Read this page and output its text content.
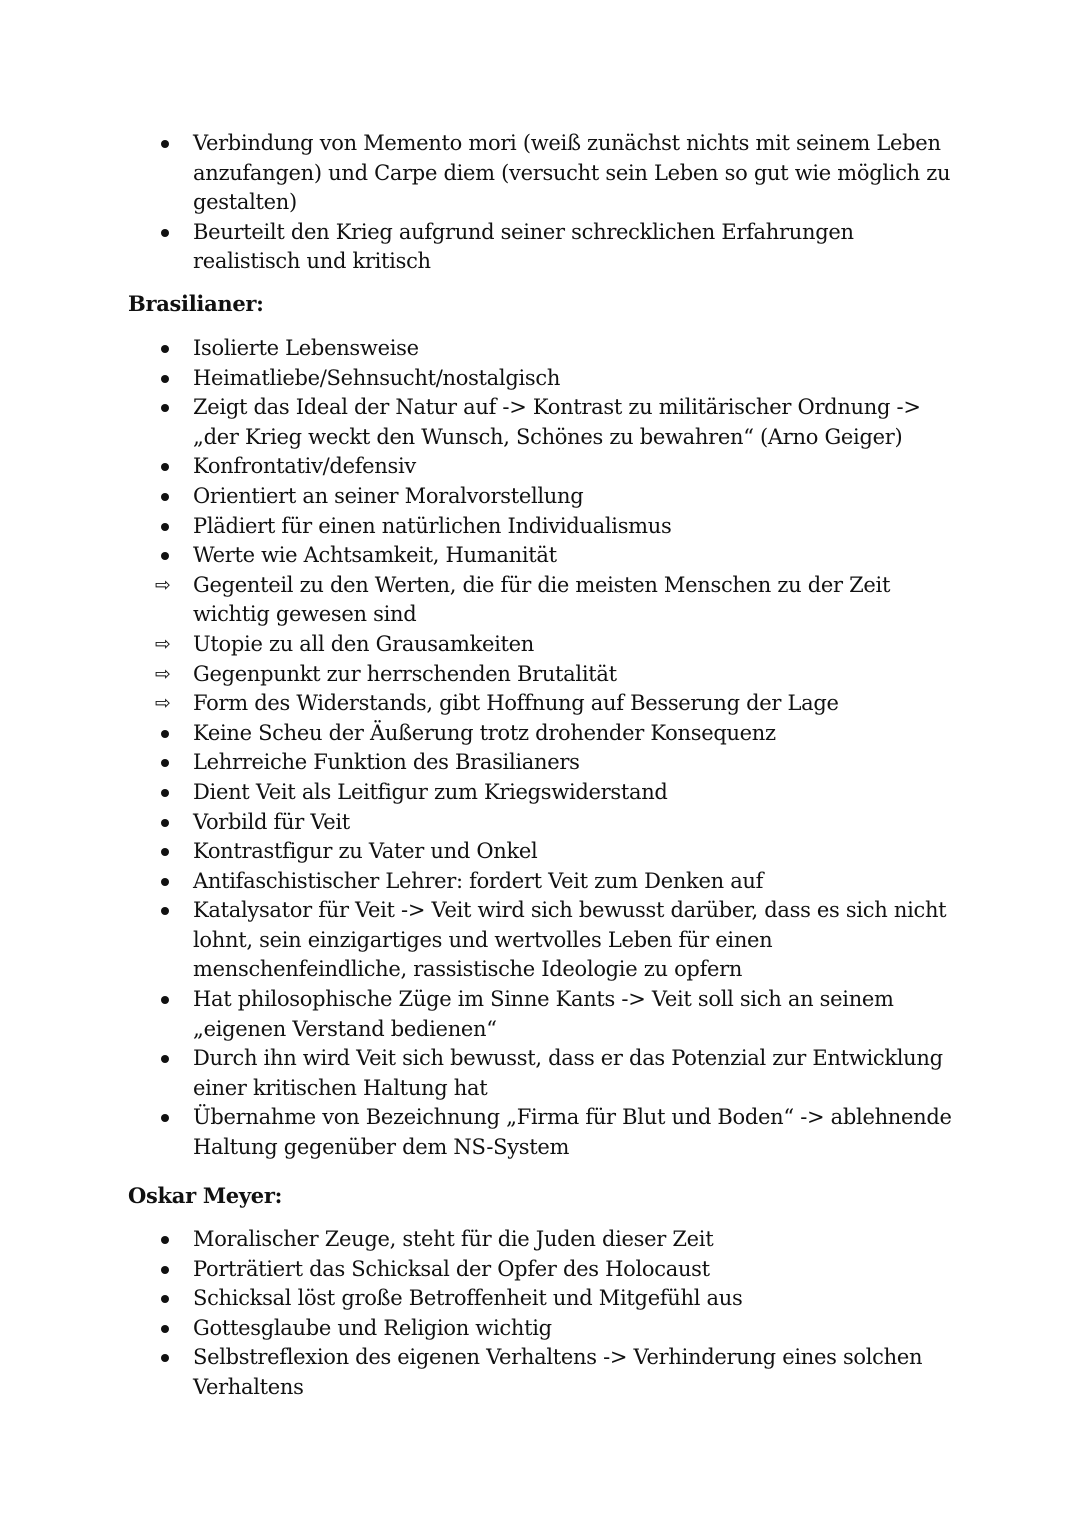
Verbindung von Memento mori (weiß zunächst nichts mit seinem Leben anzufangen) und Carpe diem (versucht sein Leben so gut wie möglich zu gestalten)
Beurteilt den Krieg aufgrund seiner schrecklichen Erfahrungen realistisch und kritisch
Brasilianer:
Isolierte Lebensweise
Heimatliebe/Sehnsucht/nostalgisch
Zeigt das Ideal der Natur auf -> Kontrast zu militärischer Ordnung -> „der Krieg weckt den Wunsch, Schönes zu bewahren“ (Arno Geiger)
Konfrontativ/defensiv
Orientiert an seiner Moralvorstellung
Plädiert für einen natürlichen Individualismus
Werte wie Achtsamkeit, Humanität
⇨	Gegenteil zu den Werten, die für die meisten Menschen zu der Zeit wichtig gewesen sind
⇨	Utopie zu all den Grausamkeiten
⇨	Gegenpunkt zur herrschenden Brutalität
⇨	Form des Widerstands, gibt Hoffnung auf Besserung der Lage
Keine Scheu der Äußerung trotz drohender Konsequenz
Lehrreiche Funktion des Brasilianers
Dient Veit als Leitfigur zum Kriegswiderstand
Vorbild für Veit
Kontrastfigur zu Vater und Onkel
Antifaschistischer Lehrer: fordert Veit zum Denken auf
Katalysator für Veit -> Veit wird sich bewusst darüber, dass es sich nicht lohnt, sein einzigartiges und wertvolles Leben für einen menschenfeindliche, rassistische Ideologie zu opfern
Hat philosophische Züge im Sinne Kants -> Veit soll sich an seinem „eigenen Verstand bedienen“
Durch ihn wird Veit sich bewusst, dass er das Potenzial zur Entwicklung einer kritischen Haltung hat
Übernahme von Bezeichnung „Firma für Blut und Boden“ -> ablehnende Haltung gegenüber dem NS-System
Oskar Meyer:
Moralischer Zeuge, steht für die Juden dieser Zeit
Porträtiert das Schicksal der Opfer des Holocaust
Schicksal löst große Betroffenheit und Mitgefühl aus
Gottesglaube und Religion wichtig
Selbstreflexion des eigenen Verhaltens -> Verhinderung eines solchen Verhaltens
